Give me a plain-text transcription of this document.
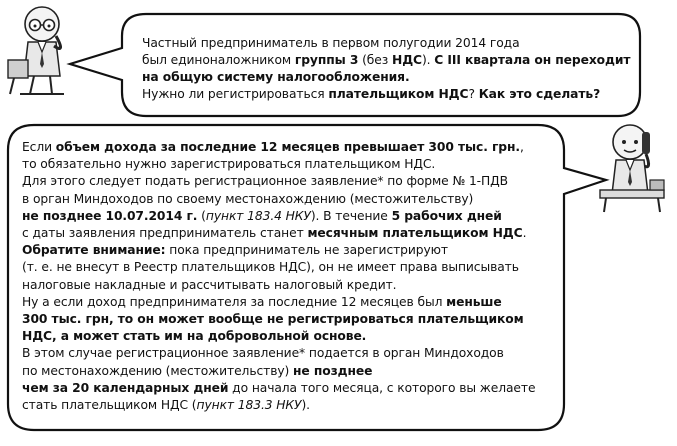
Частный предприниматель в первом полугодии 2014 года
был единоналожником группы 3 (без НДС). С III квартала он переходит
на общую систему налогообложения.
Нужно ли регистрироваться плательщиком НДС? Как это сделать?
Если объем дохода за последние 12 месяцев превышает 300 тыс. грн.,
то обязательно нужно зарегистрироваться плательщиком НДС.
Для этого следует подать регистрационное заявление* по форме № 1-ПДВ
в орган Миндоходов по своему местонахождению (местожительству)
не позднее 10.07.2014 г. (пункт 183.4 НКУ). В течение 5 рабочих дней
с даты заявления предприниматель станет месячным плательщиком НДС.
Обратите внимание: пока предприниматель не зарегистрируют
(т. е. не внесут в Реестр плательщиков НДС), он не имеет права выписывать
налоговые накладные и рассчитывать налоговый кредит.
Ну а если доход предпринимателя за последние 12 месяцев был меньше
300 тыс. грн, то он может вообще не регистрироваться плательщиком
НДС, а может стать им на добровольной основе.
В этом случае регистрационное заявление* подается в орган Миндоходов
по местонахождению (местожительству) не позднее
чем за 20 календарных дней до начала того месяца, с которого вы желаете
стать плательщиком НДС (пункт 183.3 НКУ).
